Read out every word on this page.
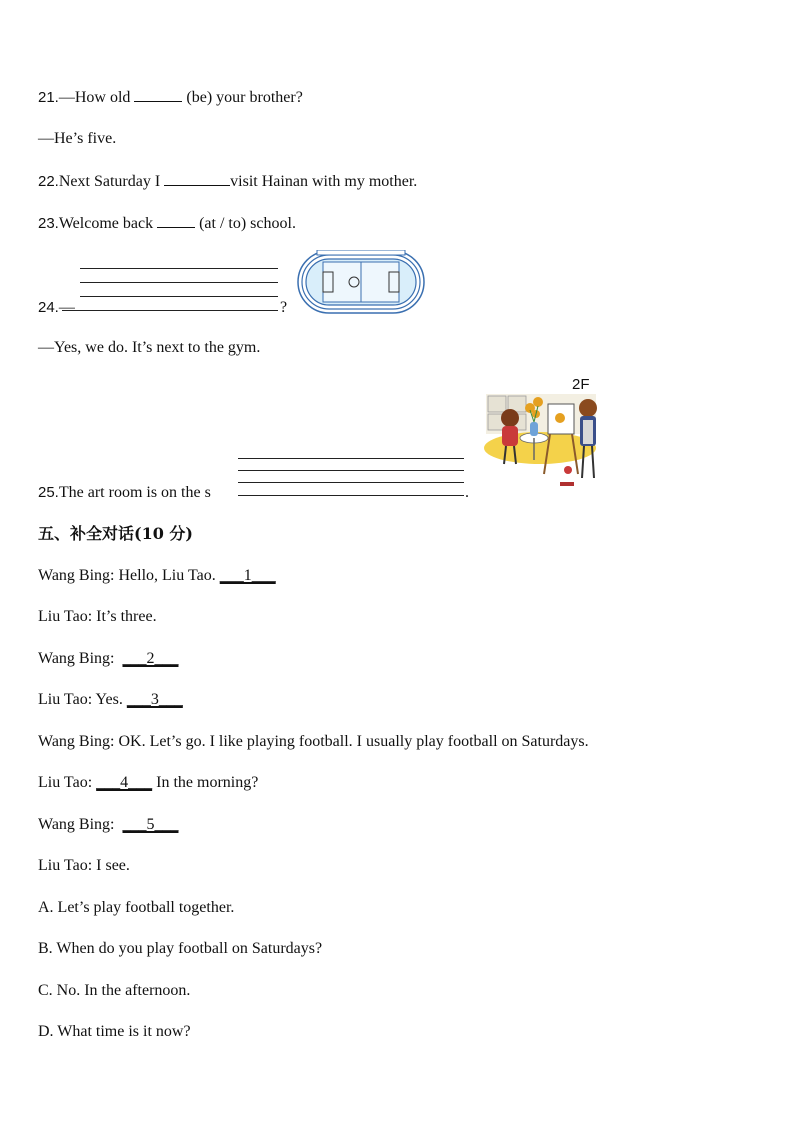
21.—How old	(be) your brother?
—He’s five.
22.Next Saturday I	visit Hainan with my mother.
23.Welcome back	(at / to) school.
24.—	?
—Yes, we do. It’s next to the gym.
25.The art room is on the s	.
2F
五、补全对话(10 分)
Wang Bing: Hello, Liu Tao. ___1___
Liu Tao: It’s three.
Wang Bing: ___2___
Liu Tao: Yes. ___3___
Wang Bing: OK. Let’s go. I like playing football. I usually play football on Saturdays.
Liu Tao: ___4___ In the morning?
Wang Bing: ___5___
Liu Tao: I see.
A. Let’s play football together.
B. When do you play football on Saturdays?
C. No. In the afternoon.
D. What time is it now?
